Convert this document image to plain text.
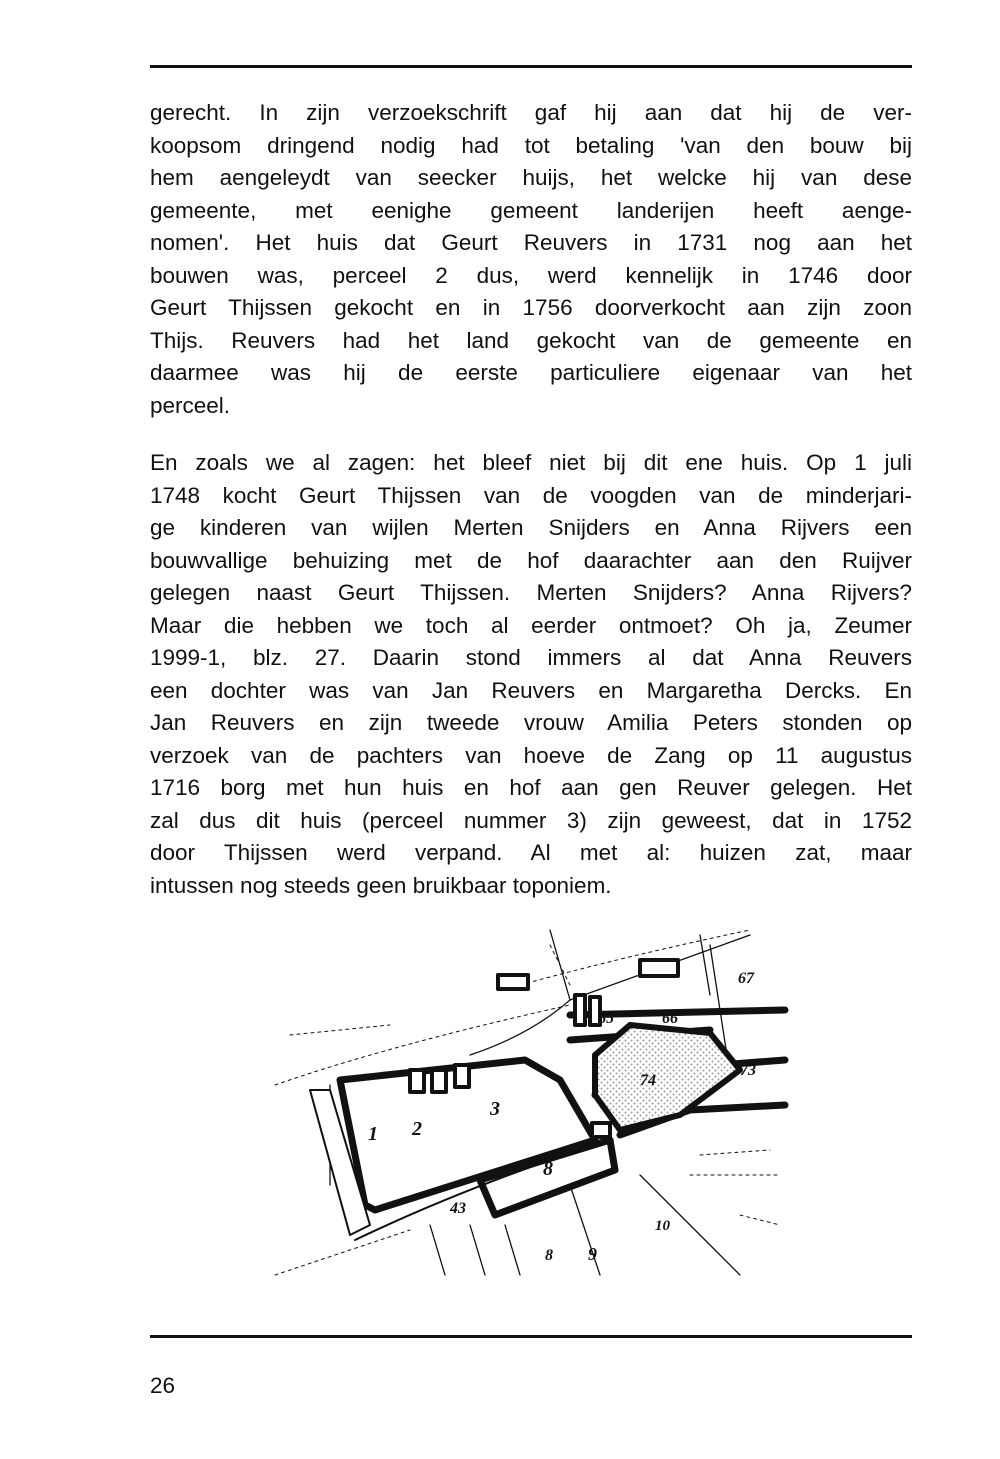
gerecht. In zijn verzoekschrift gaf hij aan dat hij de ver-
koopsom dringend nodig had tot betaling 'van den bouw bij
hem aengeleydt van seecker huijs, het welcke hij van dese
gemeente, met eenighe gemeent landerijen heeft aenge-
nomen'. Het huis dat Geurt Reuvers in 1731 nog aan het
bouwen was, perceel 2 dus, werd kennelijk in 1746 door
Geurt Thijssen gekocht en in 1756 doorverkocht aan zijn zoon
Thijs. Reuvers had het land gekocht van de gemeente en
daarmee was hij de eerste particuliere eigenaar van het
perceel.
En zoals we al zagen: het bleef niet bij dit ene huis. Op 1 juli
1748 kocht Geurt Thijssen van de voogden van de minderjari-
ge kinderen van wijlen Merten Snijders en Anna Rijvers een
bouwvallige behuizing met de hof daarachter aan den Ruijver
gelegen naast Geurt Thijssen. Merten Snijders? Anna Rijvers?
Maar die hebben we toch al eerder ontmoet? Oh ja, Zeumer
1999-1, blz. 27. Daarin stond immers al dat Anna Reuvers
een dochter was van Jan Reuvers en Margaretha Dercks. En
Jan Reuvers en zijn tweede vrouw Amilia Peters stonden op
verzoek van de pachters van hoeve de Zang op 11 augustus
1716 borg met hun huis en hof aan gen Reuver gelegen. Het
zal dus dit huis (perceel nummer 3) zijn geweest, dat in 1752
door Thijssen werd verpand. Al met al: huizen zat, maar
intussen nog steeds geen bruikbaar toponiem.
1 2
3
43
8
8 9
10
65	66
67
73
74
26
